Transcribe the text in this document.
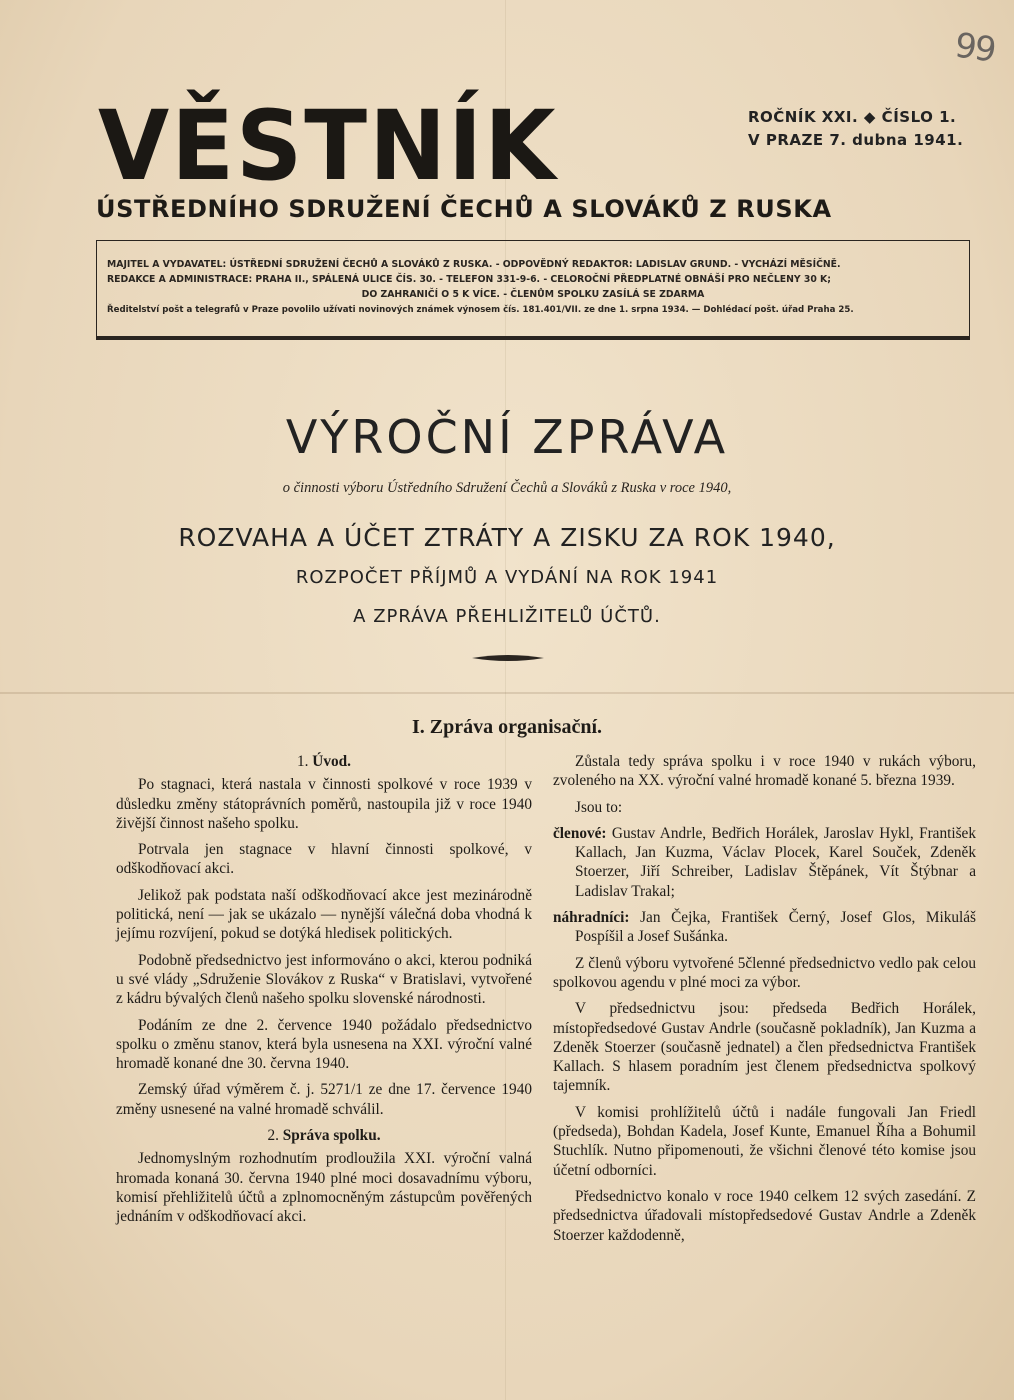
99
VĚSTNÍK	ROČNÍK XXI. ◆ ČÍSLO 1.
V PRAZE 7. dubna 1941.
ÚSTŘEDNÍHO SDRUŽENÍ ČECHŮ A SLOVÁKŮ Z RUSKA
MAJITEL A VYDAVATEL: ÚSTŘEDNÍ SDRUŽENÍ ČECHŮ A SLOVÁKŮ Z RUSKA. - ODPOVĚDNÝ REDAKTOR: LADISLAV GRUND. - VYCHÁZÍ MĚSÍČNĚ.
REDAKCE A ADMINISTRACE: PRAHA II., SPÁLENÁ ULICE ČÍS. 30. - TELEFON 331-9-6. - CELOROČNÍ PŘEDPLATNÉ OBNÁŠÍ PRO NEČLENY 30 K;
DO ZAHRANIČÍ O 5 K VÍCE. - ČLENŮM SPOLKU ZASÍLÁ SE ZDARMA
Ředitelství pošt a telegrafů v Praze povolilo užívati novinových známek výnosem čís. 181.401/VII. ze dne 1. srpna 1934. — Dohlédací pošt. úřad Praha 25.
VÝROČNÍ ZPRÁVA
o činnosti výboru Ústředního Sdružení Čechů a Slováků z Ruska v roce 1940,
ROZVAHA A ÚČET ZTRÁTY A ZISKU ZA ROK 1940,
ROZPOČET PŘÍJMŮ A VYDÁNÍ NA ROK 1941
A ZPRÁVA PŘEHLIŽITELŮ ÚČTŮ.
I. Zpráva organisační.
1. Úvod.

Po stagnaci, která nastala v činnosti spolkové v roce 1939 v důsledku změny státoprávních poměrů, nastoupila již v roce 1940 živější činnost našeho spolku.

Potrvala jen stagnace v hlavní činnosti spolkové, v odškodňovací akci.

Jelikož pak podstata naší odškodňovací akce jest mezinárodně politická, není — jak se ukázalo — nynější válečná doba vhodná k jejímu rozvíjení, pokud se dotýká hledisek politických.

Podobně předsednictvo jest informováno o akci, kterou podniká u své vlády „Sdruženie Slovákov z Ruska“ v Bratislavi, vytvořené z kádru bývalých členů našeho spolku slovenské národnosti.

Podáním ze dne 2. července 1940 požádalo předsednictvo spolku o změnu stanov, která byla usnesena na XXI. výroční valné hromadě konané dne 30. června 1940.

Zemský úřad výměrem č. j. 5271/1 ze dne 17. července 1940 změny usnesené na valné hromadě schválil.

2. Správa spolku.

Jednomyslným rozhodnutím prodloužila XXI. výroční valná hromada konaná 30. června 1940 plné moci dosavadnímu výboru, komisí přehližitelů účtů a zplnomocněným zástupcům pověřených jednáním v odškodňovací akci.

Zůstala tedy správa spolku i v roce 1940 v rukách výboru, zvoleného na XX. výroční valné hromadě konané 5. března 1939.

Jsou to:

členové: Gustav Andrle, Bedřich Horálek, Jaroslav Hykl, František Kallach, Jan Kuzma, Václav Plocek, Karel Souček, Zdeněk Stoerzer, Jiří Schreiber, Ladislav Štěpánek, Vít Štýbnar a Ladislav Trakal;

náhradníci: Jan Čejka, František Černý, Josef Glos, Mikuláš Pospíšil a Josef Sušánka.

Z členů výboru vytvořené 5členné předsednictvo vedlo pak celou spolkovou agendu v plné moci za výbor.

V předsednictvu jsou: předseda Bedřich Horálek, místopředsedové Gustav Andrle (současně pokladník), Jan Kuzma a Zdeněk Stoerzer (současně jednatel) a člen předsednictva František Kallach. S hlasem poradním jest členem předsednictva spolkový tajemník.

V komisi prohlížitelů účtů i nadále fungovali Jan Friedl (předseda), Bohdan Kadela, Josef Kunte, Emanuel Říha a Bohumil Stuchlík. Nutno připomenouti, že všichni členové této komise jsou účetní odborníci.

Předsednictvo konalo v roce 1940 celkem 12 svých zasedání. Z předsednictva úřadovali místopředsedové Gustav Andrle a Zdeněk Stoerzer každodenně,
